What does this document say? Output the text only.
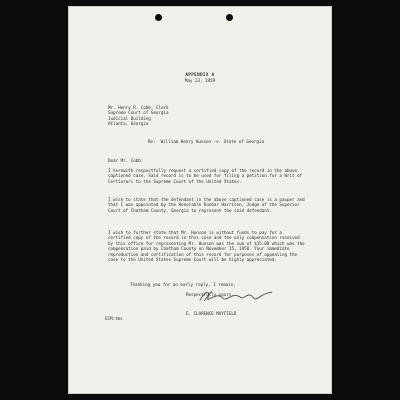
APPENDIX A
May 23, 1959
Mr. Henry R. Cobb, Clerk
Supreme Court of Georgia
Judicial Building
Atlanta, Georgia
Re:  William Henry Hunson -v- State of Georgia
Dear Mr. Cobb:
I herewith respectfully request a certified copy of the record in the above captioned case. Said record is to be used for filing a petition for a Writ of Certiorari to the Supreme Court of the United States.
I wish to state that the defendant in the above captioned case is a pauper and that I was appointed by the Honorable Dunbar Harrison, Judge of the Superior Court of Chatham County, Georgia to represent the said defendant.
I wish to further state that Mr. Hunson is without funds to pay for a certified copy of the record in this case and the only compensation received by this office for representing Mr. Hunson was the sum of $15.00 which was the compensation paid by Chatham County on November 15, 1958. Your immediate reproduction and certification of this record for purposes of appealing the case to the United States Supreme Court will be highly appreciated.
Thanking you for an early reply, I remain,
Respectfully yours,
E. CLARENCE MAYFIELD
ECM:tms
